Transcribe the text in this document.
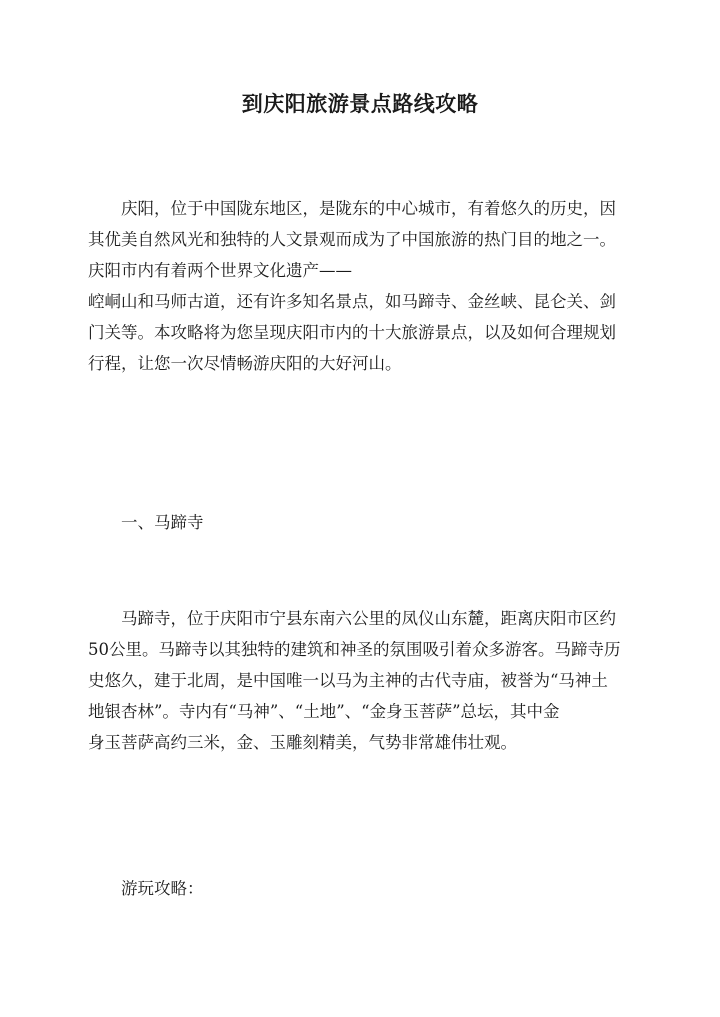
到庆阳旅游景点路线攻略

庆阳，位于中国陇东地区，是陇东的中心城市，有着悠久的历史，因
其优美自然风光和独特的人文景观而成为了中国旅游的热门目的地之一。
庆阳市内有着两个世界文化遗产——
崆峒山和马师古道，还有许多知名景点，如马蹄寺、金丝峡、昆仑关、剑
门关等。本攻略将为您呈现庆阳市内的十大旅游景点，以及如何合理规划
行程，让您一次尽情畅游庆阳的大好河山。

一、马蹄寺

马蹄寺，位于庆阳市宁县东南六公里的凤仪山东麓，距离庆阳市区约
50公里。马蹄寺以其独特的建筑和神圣的氛围吸引着众多游客。马蹄寺历
史悠久，建于北周，是中国唯一以马为主神的古代寺庙，被誉为“马神土
地银杏林”。寺内有“马神”、“土地”、“金身玉菩萨”总坛，其中金
身玉菩萨高约三米，金、玉雕刻精美，气势非常雄伟壮观。

游玩攻略：
